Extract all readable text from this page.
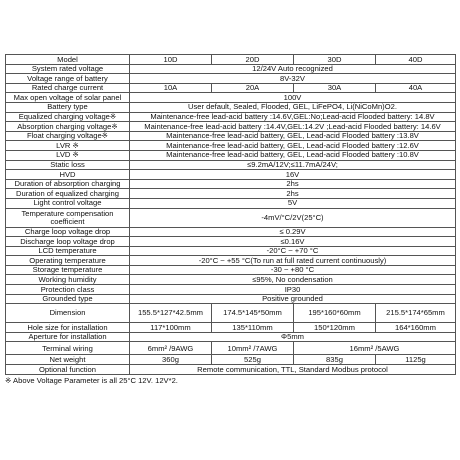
Model	10D	20D	30D	40D
System rated voltage	12/24V Auto recognized			
Voltage range of battery	8V-32V			
Rated charge current	10A	20A	30A	40A
Max open voltage of solar panel	100V			
Battery type	User default, Sealed, Flooded, GEL, LiFePO4, Li(NiCoMn)O2.			
Equalized charging voltage※	Maintenance-free lead-acid battery :14.6V,GEL:No;Lead-acid Flooded battery: 14.8V			
Absorption charging voltage※	Maintenance-free lead-acid battery :14.4V,GEL:14.2V ;Lead-acid Flooded battery: 14.6V			
Float charging voltage※	Maintenance-free lead-acid battery, GEL, Lead-acid Flooded battery :13.8V			
LVR ※	Maintenance-free lead-acid battery, GEL, Lead-acid Flooded battery :12.6V			
LVD ※	Maintenance-free lead-acid battery, GEL, Lead-acid Flooded battery :10.8V			
Static loss	≤9.2mA/12V;≤11.7mA/24V;			
HVD	16V			
Duration of absorption charging	2hs			
Duration of equalized charging	2hs			
Light control voltage	5V			
Temperature compensation coefficient	-4mV/°C/2V(25°C)			
Charge loop voltage drop	≤ 0.29V			
Discharge loop voltage drop	≤0.16V			
LCD temperature	-20°C ~ +70 °C			
Operating temperature	-20°C ~ +55 °C(To run at full rated current continuously)			
Storage temperature	-30 ~ +80 °C			
Working humidity	≤95%, No condensation			
Protection class	IP30			
Grounded type	Positive grounded			
Dimension	155.5*127*42.5mm	174.5*145*50mm	195*160*60mm	215.5*174*65mm
Hole size for installation	117*100mm	135*110mm	150*120mm	164*160mm
Aperture for installation	Φ5mm			
Terminal wiring	6mm² /9AWG	10mm² /7AWG	16mm² /5AWG	
Net weight	360g	525g	835g	1125g
Optional function	Remote communication, TTL, Standard Modbus protocol			
※ Above Voltage Parameter is all 25°C 12V. 12V*2.
